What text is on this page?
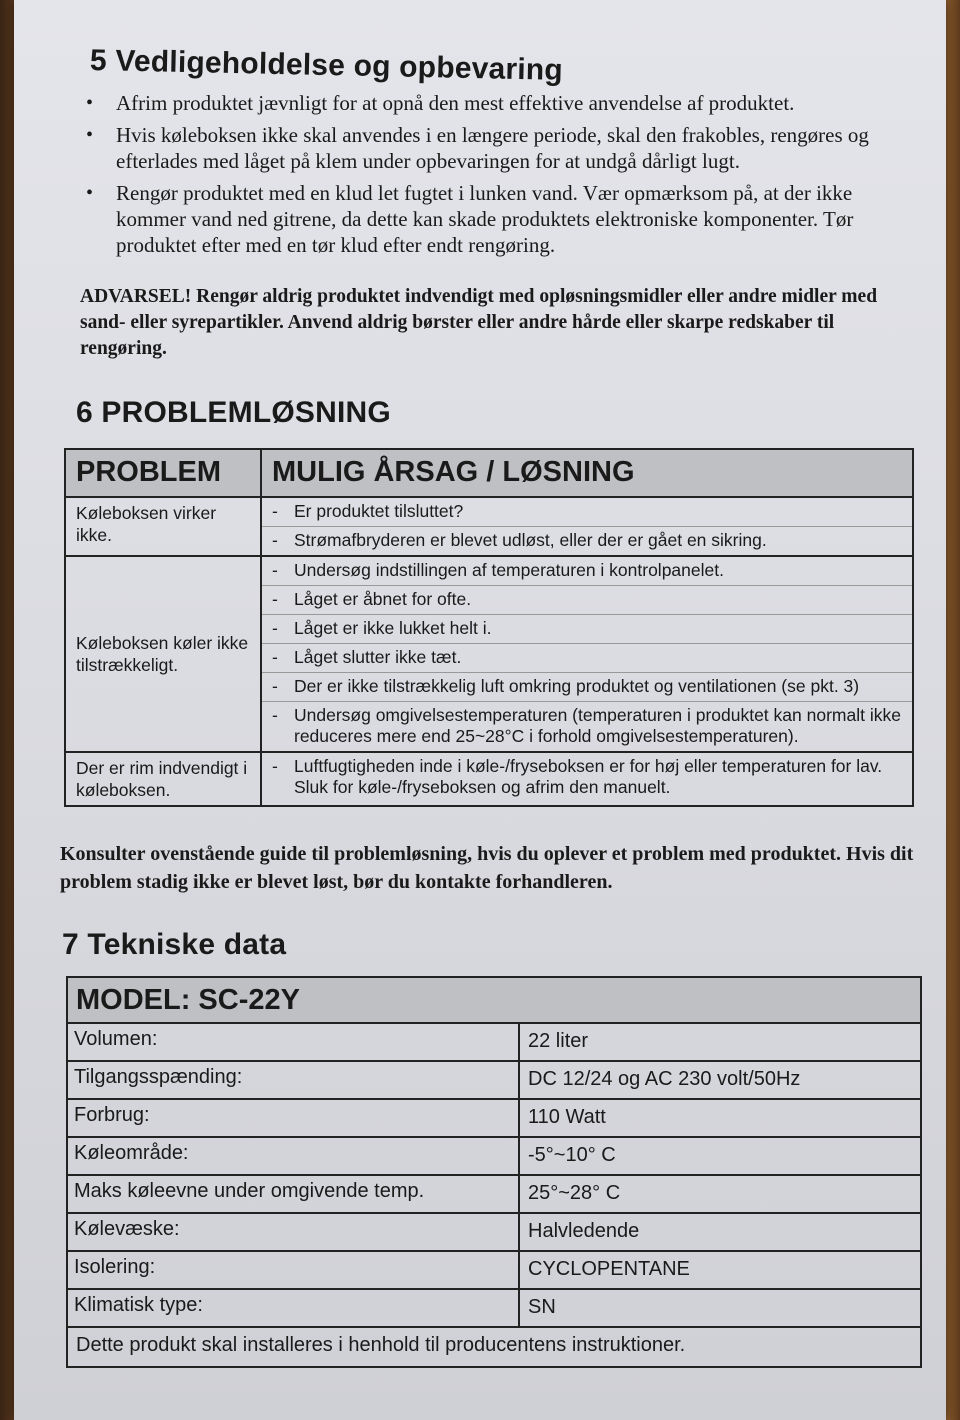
5 Vedligeholdelse og opbevaring
• Afrim produktet jævnligt for at opnå den mest effektive anvendelse af produktet.
• Hvis køleboksen ikke skal anvendes i en længere periode, skal den frakobles, rengøres og efterlades med låget på klem under opbevaringen for at undgå dårligt lugt.
• Rengør produktet med en klud let fugtet i lunken vand. Vær opmærksom på, at der ikke kommer vand ned gitrene, da dette kan skade produktets elektroniske komponenter. Tør produktet efter med en tør klud efter endt rengøring.
ADVARSEL! Rengør aldrig produktet indvendigt med opløsningsmidler eller andre midler med sand- eller syrepartikler. Anvend aldrig børster eller andre hårde eller skarpe redskaber til rengøring.
6 PROBLEMLØSNING
PROBLEM	MULIG ÅRSAG / LØSNING
Køleboksen virker ikke.
- Er produktet tilsluttet?
- Strømafbryderen er blevet udløst, eller der er gået en sikring.
Køleboksen køler ikke tilstrækkeligt.
- Undersøg indstillingen af temperaturen i kontrolpanelet.
- Låget er åbnet for ofte.
- Låget er ikke lukket helt i.
- Låget slutter ikke tæt.
- Der er ikke tilstrækkelig luft omkring produktet og ventilationen (se pkt. 3)
- Undersøg omgivelsestemperaturen (temperaturen i produktet kan normalt ikke reduceres mere end 25~28°C i forhold omgivelsestemperaturen).
Der er rim indvendigt i køleboksen.
- Luftfugtigheden inde i køle-/fryseboksen er for høj eller temperaturen for lav. Sluk for køle-/fryseboksen og afrim den manuelt.
Konsulter ovenstående guide til problemløsning, hvis du oplever et problem med produktet. Hvis dit problem stadig ikke er blevet løst, bør du kontakte forhandleren.
7 Tekniske data
MODEL: SC-22Y
Volumen:	22 liter
Tilgangsspænding:	DC 12/24 og AC 230 volt/50Hz
Forbrug:	110 Watt
Køleområde:	-5°~10° C
Maks køleevne under omgivende temp.	25°~28° C
Kølevæske:	Halvledende
Isolering:	CYCLOPENTANE
Klimatisk type:	SN
Dette produkt skal installeres i henhold til producentens instruktioner.
